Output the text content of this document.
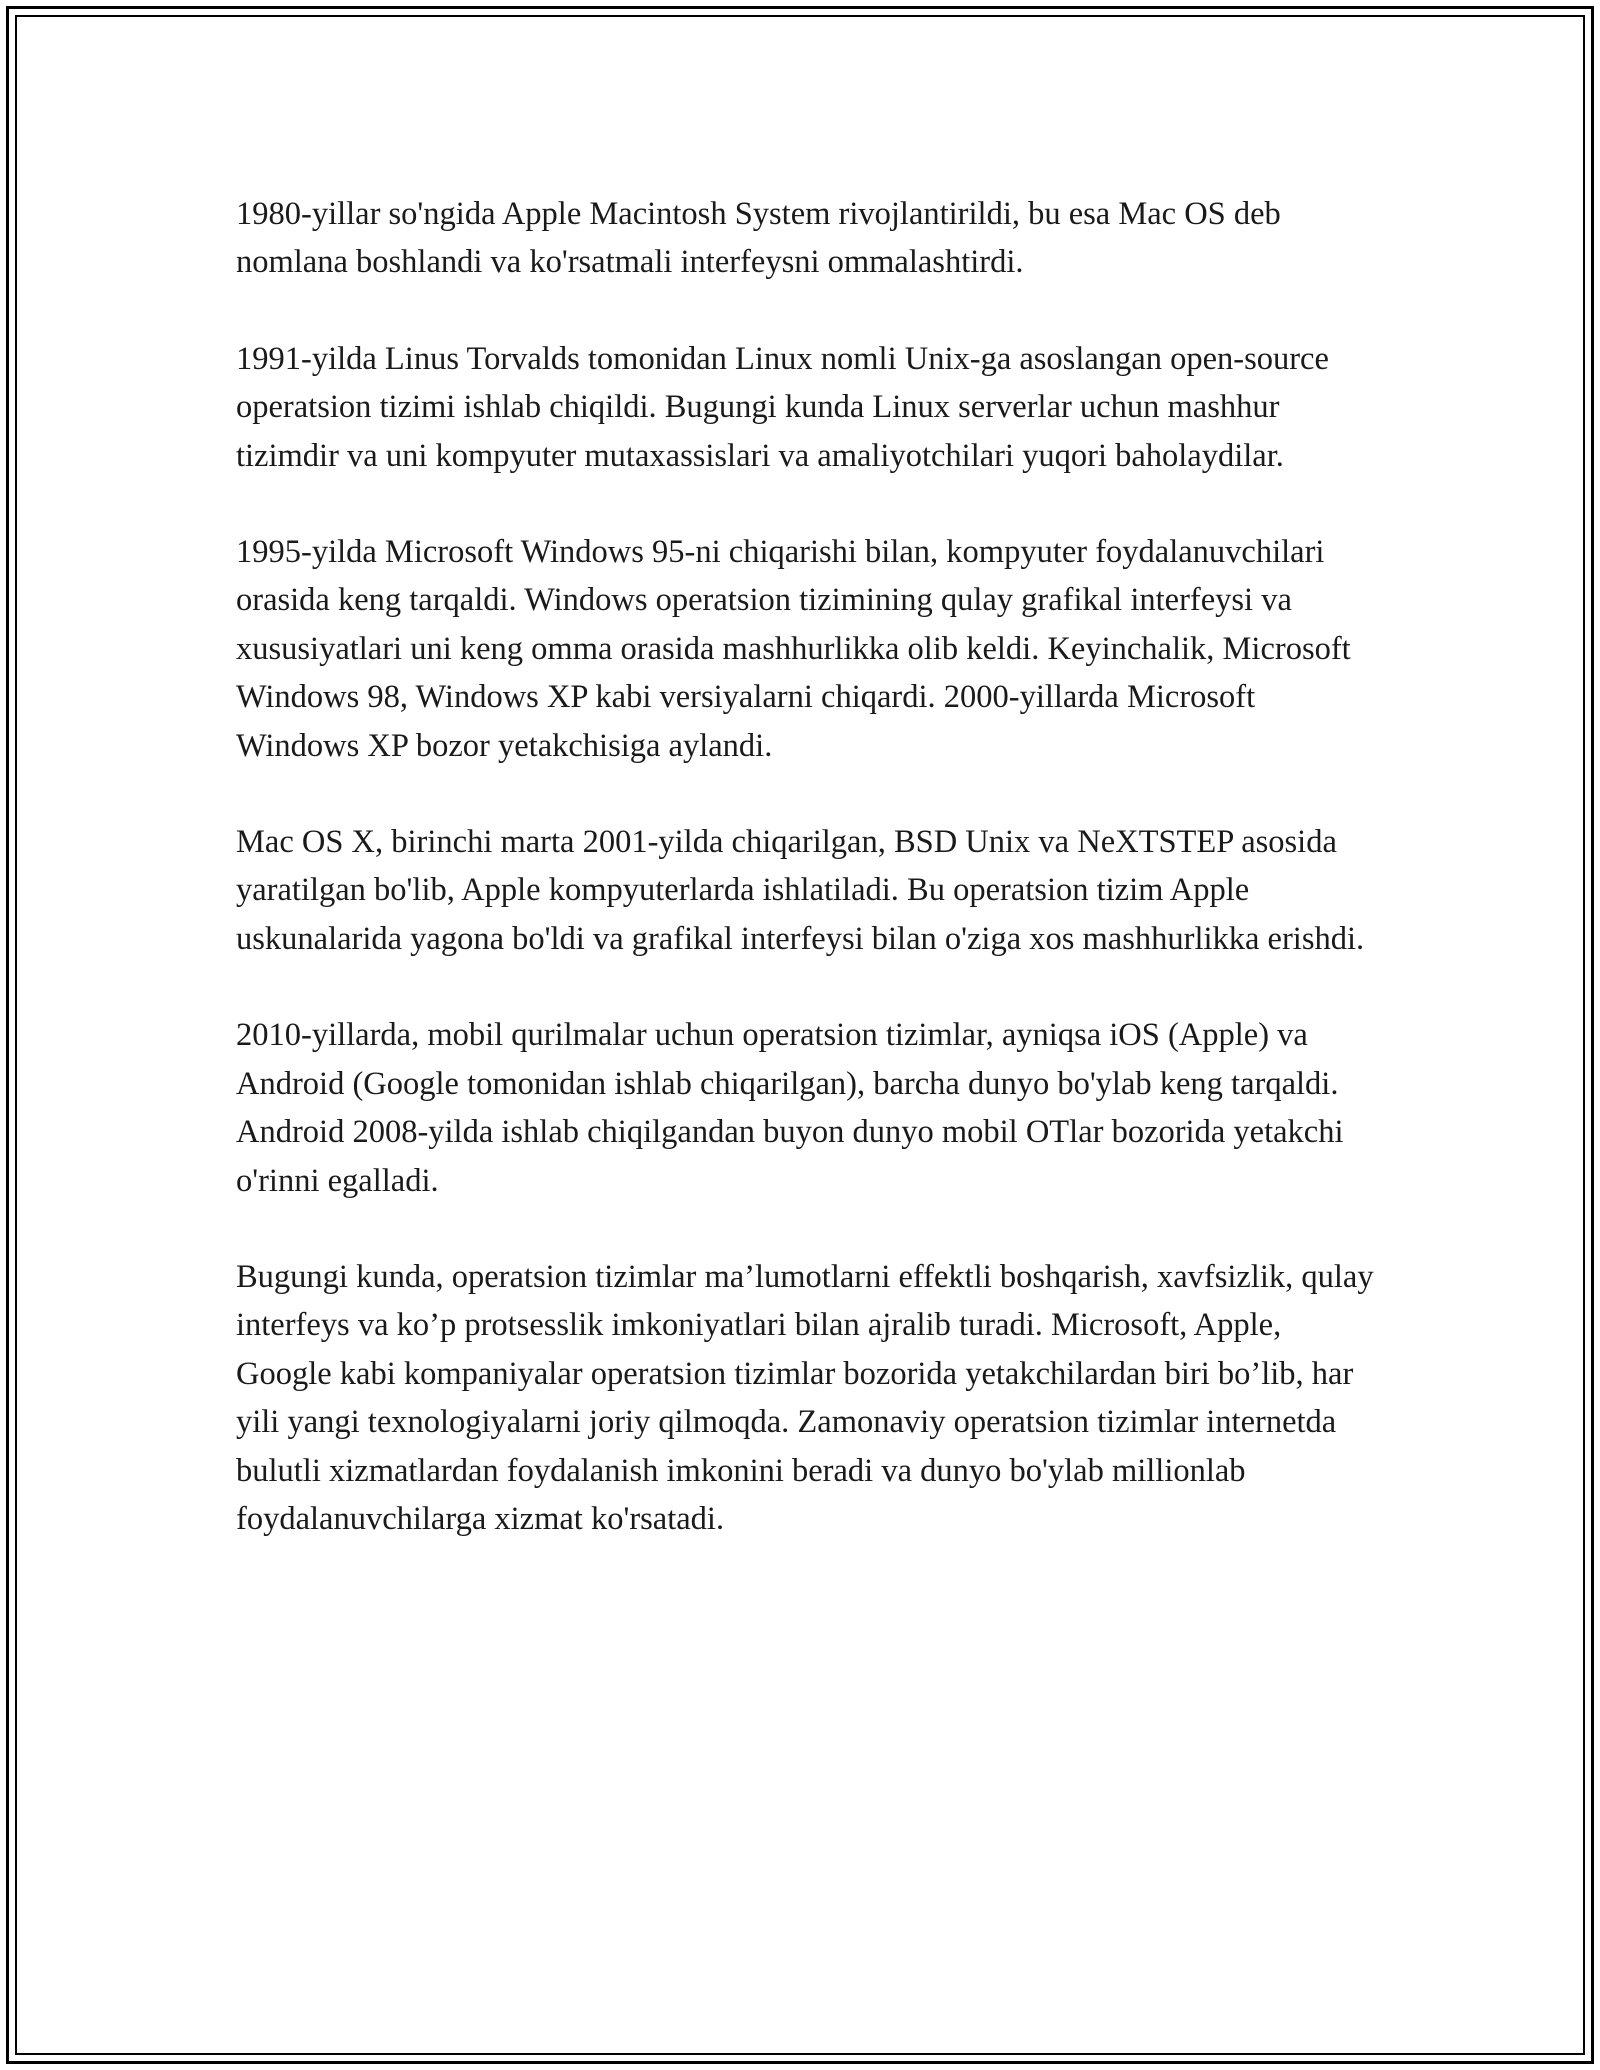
1980-yillar so'ngida Apple Macintosh System rivojlantirildi, bu esa Mac OS deb nomlana boshlandi va ko'rsatmali interfeysni ommalashtirdi.

1991-yilda Linus Torvalds tomonidan Linux nomli Unix-ga asoslangan open-source operatsion tizimi ishlab chiqildi. Bugungi kunda Linux serverlar uchun mashhur tizimdir va uni kompyuter mutaxassislari va amaliyotchilari yuqori baholaydilar.

1995-yilda Microsoft Windows 95-ni chiqarishi bilan, kompyuter foydalanuvchilari orasida keng tarqaldi. Windows operatsion tizimining qulay grafikal interfeysi va xususiyatlari uni keng omma orasida mashhurlikka olib keldi. Keyinchalik, Microsoft Windows 98, Windows XP kabi versiyalarni chiqardi. 2000-yillarda Microsoft Windows XP bozor yetakchisiga aylandi.

Mac OS X, birinchi marta 2001-yilda chiqarilgan, BSD Unix va NeXTSTEP asosida yaratilgan bo'lib, Apple kompyuterlarda ishlatiladi. Bu operatsion tizim Apple uskunalarida yagona bo'ldi va grafikal interfeysi bilan o'ziga xos mashhurlikka erishdi.

2010-yillarda, mobil qurilmalar uchun operatsion tizimlar, ayniqsa iOS (Apple) va Android (Google tomonidan ishlab chiqarilgan), barcha dunyo bo'ylab keng tarqaldi. Android 2008-yilda ishlab chiqilgandan buyon dunyo mobil OTlar bozorida yetakchi o'rinni egalladi.

Bugungi kunda, operatsion tizimlar ma’lumotlarni effektli boshqarish, xavfsizlik, qulay interfeys va ko’p protsesslik imkoniyatlari bilan ajralib turadi. Microsoft, Apple, Google kabi kompaniyalar operatsion tizimlar bozorida yetakchilardan biri bo’lib, har yili yangi texnologiyalarni joriy qilmoqda. Zamonaviy operatsion tizimlar internetda bulutli xizmatlardan foydalanish imkonini beradi va dunyo bo'ylab millionlab foydalanuvchilarga xizmat ko'rsatadi.
